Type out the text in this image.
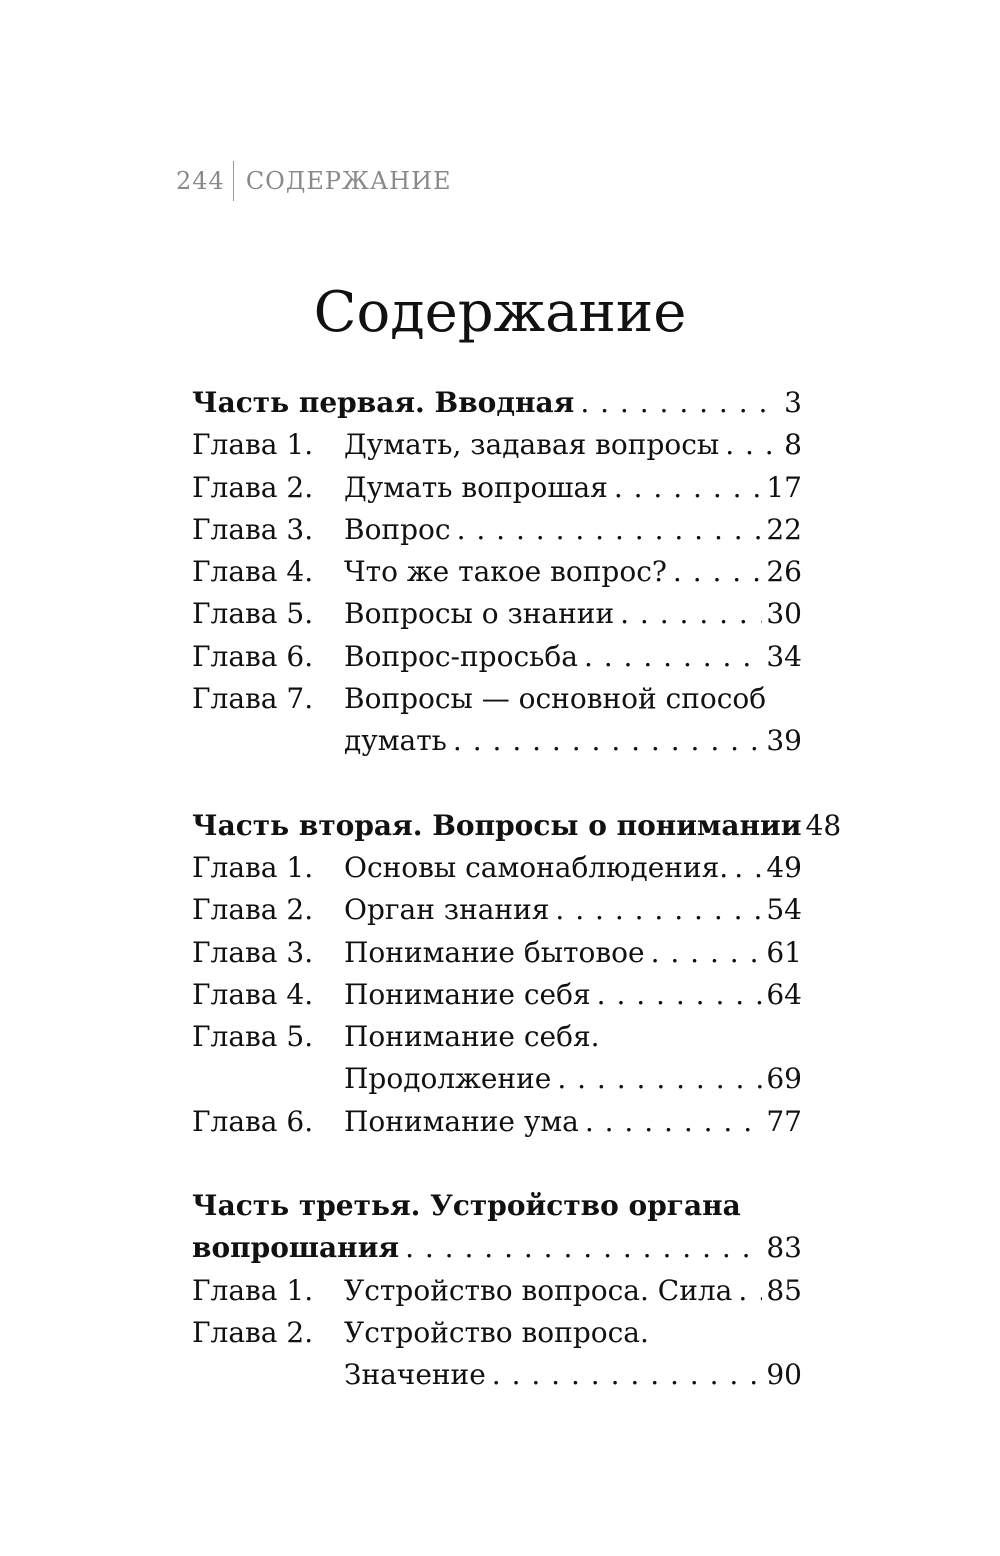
244 СОДЕРЖАНИЕ
Содержание
Часть первая. Вводная . . .	3
Глава 1.	Думать, задавая вопросы . . . 8
Глава 2.	Думать вопрошая . . .	17
Глава 3.	Вопрос . . .	22
Глава 4.	Что же такое вопрос? . . .	26
Глава 5.	Вопросы о знании . . .	30
Глава 6.	Вопрос-просьба . . .	34
Глава 7.	Вопросы — основной способ
думать . . .	39
Часть вторая. Вопросы о понимании 48
Глава 1.	Основы самонаблюдения. . . . 49
Глава 2.	Орган знания . . .	54
Глава 3.	Понимание бытовое . . .	61
Глава 4.	Понимание себя . . .	64
Глава 5.	Понимание себя.
Продолжение . . .	69
Глава 6.	Понимание ума . . .	77
Часть третья. Устройство органа
вопрошания . . .	83
Глава 1.	Устройство вопроса. Сила . . . 85
Глава 2.	Устройство вопроса.
Значение . . .	90
